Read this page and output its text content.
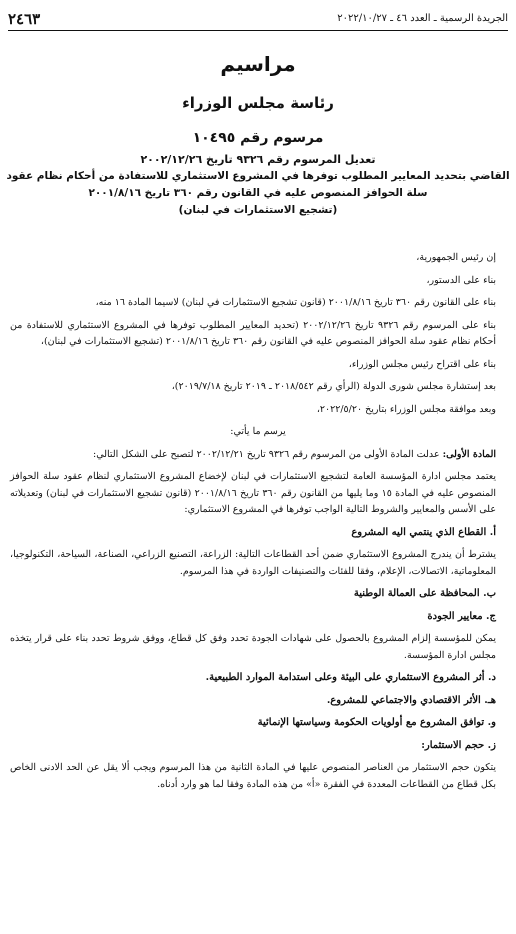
الجريدة الرسمية ـ العدد ٤٦ ـ ٢٠٢٢/١٠/٢٧
٢٤٦٣
مراسيم
رئاسة مجلس الوزراء
مرسوم رقم ١٠٤٩٥
تعديل المرسوم رقم ٩٣٢٦ تاريخ ٢٠٠٢/١٢/٢٦
القاضي بتحديد المعايير المطلوب توفرها في المشروع الاستثماري للاستفادة من أحكام نظام عقود
سلة الحوافز المنصوص عليه في القانون رقم ٣٦٠ تاريخ ٢٠٠١/٨/١٦
(تشجيع الاستثمارات في لبنان)

إن رئيس الجمهورية،

بناء على الدستور،

بناء على القانون رقم ٣٦٠ تاريخ ٢٠٠١/٨/١٦ (قانون تشجيع الاستثمارات في لبنان) لاسيما المادة ١٦ منه،

بناء على المرسوم رقم ٩٣٢٦ تاريخ ٢٠٠٢/١٢/٢٦ (تحديد المعايير المطلوب توفرها في المشروع الاستثماري للاستفادة من أحكام نظام عقود سلة الحوافز المنصوص عليه في القانون رقم ٣٦٠ تاريخ ٢٠٠١/٨/١٦ (تشجيع الاستثمارات في لبنان)،

بناء على اقتراح رئيس مجلس الوزراء،

بعد إستشارة مجلس شورى الدولة (الرأي رقم ٢٠١٨/٥٤٢ ـ ٢٠١٩ تاريخ ٢٠١٩/٧/١٨)،

وبعد موافقة مجلس الوزراء بتاريخ ٢٠٢٢/٥/٢٠،

يرسم ما يأتي:

المادة الأولى: عدلت المادة الأولى من المرسوم رقم ٩٣٢٦ تاريخ ٢٠٠٢/١٢/٢١ لتصبح على الشكل التالي:

يعتمد مجلس ادارة المؤسسة العامة لتشجيع الاستثمارات في لبنان لإخضاع المشروع الاستثماري لنظام عقود سلة الحوافز المنصوص عليه في المادة ١٥ وما يليها من القانون رقم ٣٦٠ تاريخ ٢٠٠١/٨/١٦ (قانون تشجيع الاستثمارات في لبنان) وتعديلاته على الأسس والمعايير والشروط التالية الواجب توفرها في المشروع الاستثماري:

أ. القطاع الذي ينتمي اليه المشروع

يشترط أن يندرج المشروع الاستثماري ضمن أحد القطاعات التالية: الزراعة، التصنيع الزراعي، الصناعة، السياحة، التكنولوجيا، المعلوماتية، الاتصالات، الإعلام، وفقا للفئات والتصنيفات الواردة في هذا المرسوم.

ب. المحافظة على العمالة الوطنية

ج. معايير الجودة

يمكن للمؤسسة إلزام المشروع بالحصول على شهادات الجودة تحدد وفق كل قطاع، ووفق شروط تحدد بناء على قرار يتخذه مجلس ادارة المؤسسة.

د. أثر المشروع الاستثماري على البيئة وعلى استدامة الموارد الطبيعية.

هـ. الأثر الاقتصادي والاجتماعي للمشروع.

و. توافق المشروع مع أولويات الحكومة وسياستها الإنمائية

ز. حجم الاستثمار:

يتكون حجم الاستثمار من العناصر المنصوص عليها في المادة الثانية من هذا المرسوم ويجب ألا يقل عن الحد الادنى الخاص بكل قطاع من القطاعات المعددة في الفقرة «أ» من هذه المادة وفقا لما هو وارد أدناه.
